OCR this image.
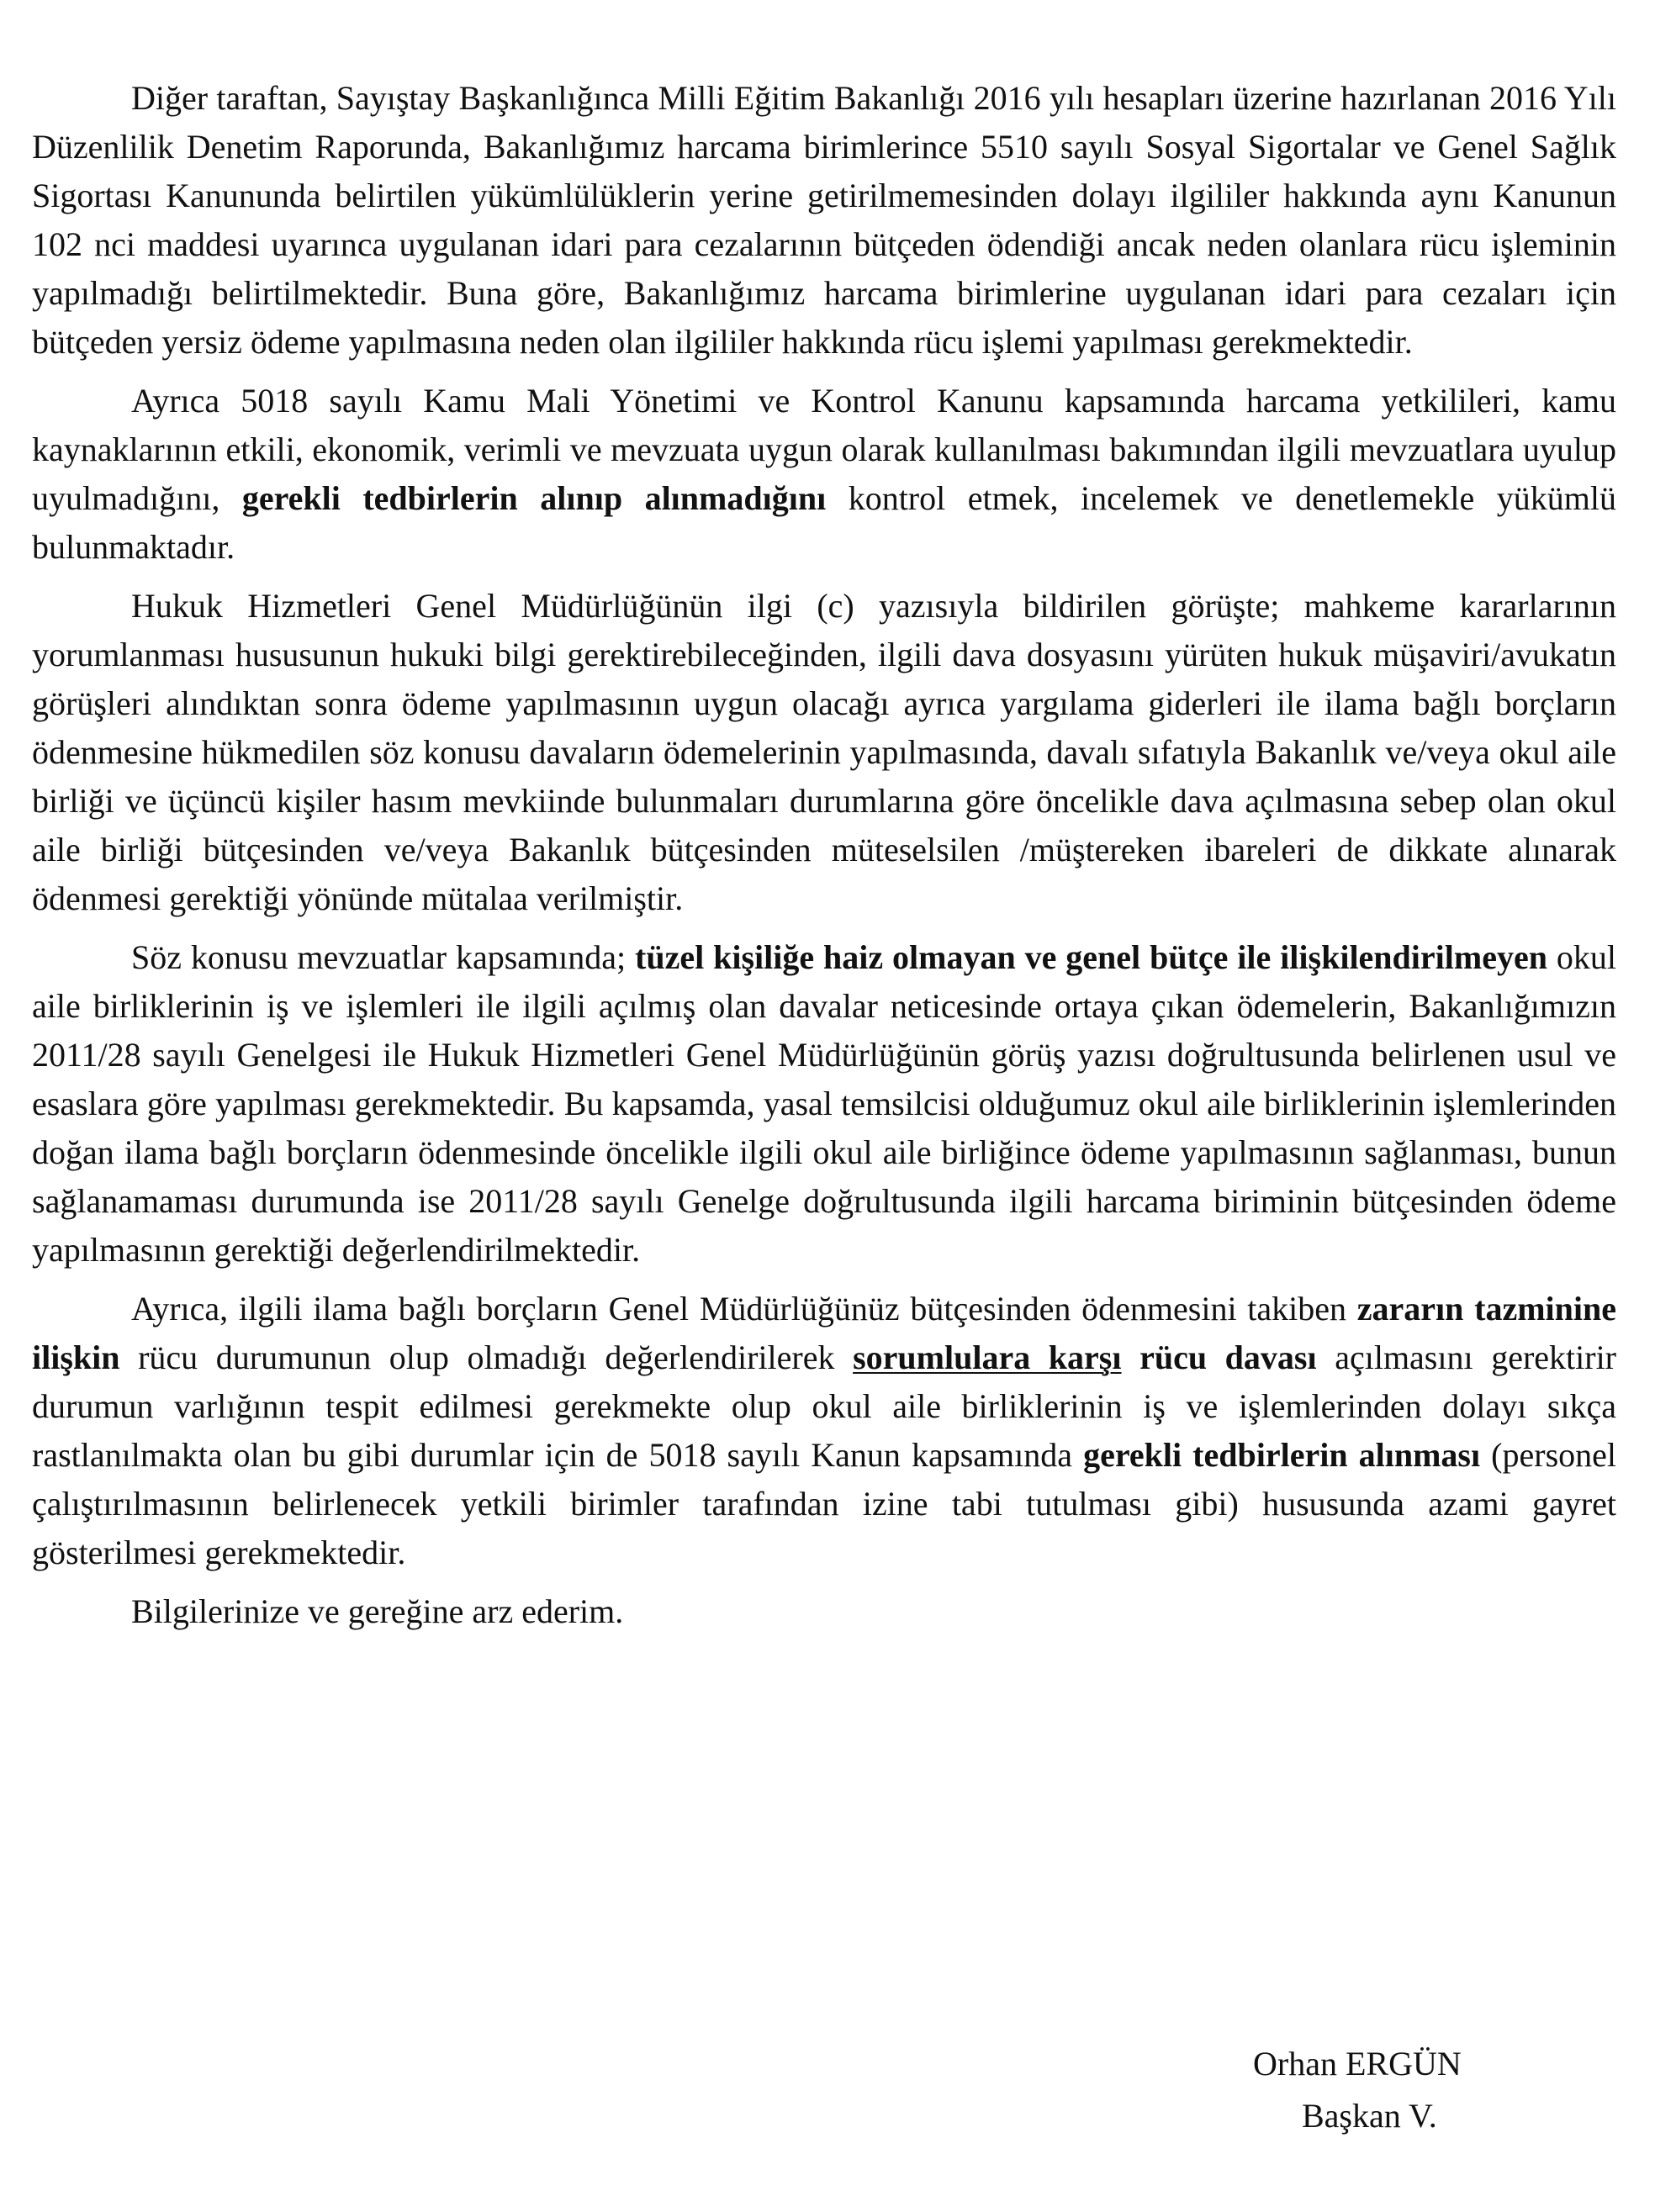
Diğer taraftan, Sayıştay Başkanlığınca Milli Eğitim Bakanlığı 2016 yılı hesapları üzerine hazırlanan 2016 Yılı Düzenlilik Denetim Raporunda, Bakanlığımız harcama birimlerince 5510 sayılı Sosyal Sigortalar ve Genel Sağlık Sigortası Kanununda belirtilen yükümlülüklerin yerine getirilmemesinden dolayı ilgililer hakkında aynı Kanunun 102 nci maddesi uyarınca uygulanan idari para cezalarının bütçeden ödendiği ancak neden olanlara rücu işleminin yapılmadığı belirtilmektedir. Buna göre, Bakanlığımız harcama birimlerine uygulanan idari para cezaları için bütçeden yersiz ödeme yapılmasına neden olan ilgililer hakkında rücu işlemi yapılması gerekmektedir.

Ayrıca 5018 sayılı Kamu Mali Yönetimi ve Kontrol Kanunu kapsamında harcama yetkilileri, kamu kaynaklarının etkili, ekonomik, verimli ve mevzuata uygun olarak kullanılması bakımından ilgili mevzuatlara uyulup uyulmadığını, gerekli tedbirlerin alınıp alınmadığını kontrol etmek, incelemek ve denetlemekle yükümlü bulunmaktadır.

Hukuk Hizmetleri Genel Müdürlüğünün ilgi (c) yazısıyla bildirilen görüşte; mahkeme kararlarının yorumlanması hususunun hukuki bilgi gerektirebileceğinden, ilgili dava dosyasını yürüten hukuk müşaviri/avukatın görüşleri alındıktan sonra ödeme yapılmasının uygun olacağı ayrıca yargılama giderleri ile ilama bağlı borçların ödenmesine hükmedilen söz konusu davaların ödemelerinin yapılmasında, davalı sıfatıyla Bakanlık ve/veya okul aile birliği ve üçüncü kişiler hasım mevkiinde bulunmaları durumlarına göre öncelikle dava açılmasına sebep olan okul aile birliği bütçesinden ve/veya Bakanlık bütçesinden müteselsilen /müştereken ibareleri de dikkate alınarak ödenmesi gerektiği yönünde mütalaa verilmiştir.

Söz konusu mevzuatlar kapsamında; tüzel kişiliğe haiz olmayan ve genel bütçe ile ilişkilendirilmeyen okul aile birliklerinin iş ve işlemleri ile ilgili açılmış olan davalar neticesinde ortaya çıkan ödemelerin, Bakanlığımızın 2011/28 sayılı Genelgesi ile Hukuk Hizmetleri Genel Müdürlüğünün görüş yazısı doğrultusunda belirlenen usul ve esaslara göre yapılması gerekmektedir. Bu kapsamda, yasal temsilcisi olduğumuz okul aile birliklerinin işlemlerinden doğan ilama bağlı borçların ödenmesinde öncelikle ilgili okul aile birliğince ödeme yapılmasının sağlanması, bunun sağlanamaması durumunda ise 2011/28 sayılı Genelge doğrultusunda ilgili harcama biriminin bütçesinden ödeme yapılmasının gerektiği değerlendirilmektedir.

Ayrıca, ilgili ilama bağlı borçların Genel Müdürlüğünüz bütçesinden ödenmesini takiben zararın tazminine ilişkin rücu durumunun olup olmadığı değerlendirilerek sorumlulara karşı rücu davası açılmasını gerektirir durumun varlığının tespit edilmesi gerekmekte olup okul aile birliklerinin iş ve işlemlerinden dolayı sıkça rastlanılmakta olan bu gibi durumlar için de 5018 sayılı Kanun kapsamında gerekli tedbirlerin alınması (personel çalıştırılmasının belirlenecek yetkili birimler tarafından izine tabi tutulması gibi) hususunda azami gayret gösterilmesi gerekmektedir.

Bilgilerinize ve gereğine arz ederim.

Orhan ERGÜN
Başkan V.
